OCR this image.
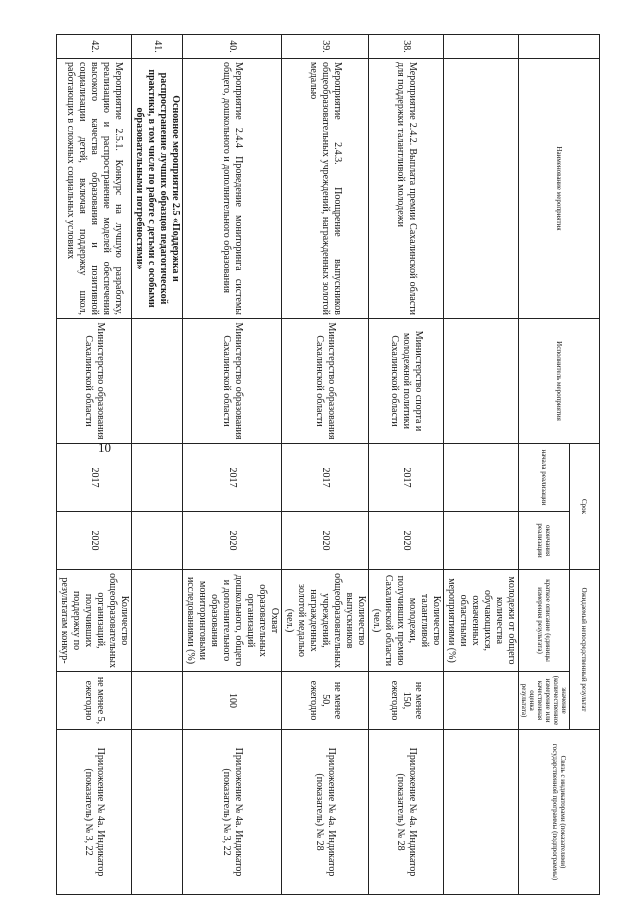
10
	Наименование мероприятия	Исполнитель мероприятия	Срок		Ожидаемый непосредственный результат		Связь с индикаторами (показателями) государственной программы (подпрограммы)
			начала реализации	окончания реализации	краткое описание (единицы измерения результата)	значение (количественное измерение или качественная оценка результата)	
					молодежи от общего количества обучающихся, охваченных областными мероприятиями (%)		
38.	Мероприятие 2.4.2. Выплата премии Сахалинской области для поддержки талантливой молодежи	Министерство спорта и молодежной политики Сахалинской области	2017	2020	Количество талантливой молодежи, получивших премию Сахалинской области (чел.)	не менее 150, ежегодно	Приложение № 4а. Индикатор (показатель) № 28
39.	Мероприятие 2.4.3. Поощрение выпускников общеобразовательных учреждений, награжденных золотой медалью	Министерство образования Сахалинской области	2017	2020	Количество выпускников общеобразовательных учреждений, награжденных золотой медалью (чел.)	не менее 50, ежегодно	Приложение № 4а. Индикатор (показатель) № 28
40.	Мероприятие 2.4.4 Проведение мониторинга системы общего, дошкольного и дополнительного образования	Министерство образования Сахалинской области	2017	2020	Охват образовательных организаций дошкольного, общего и дополнительного образования мониторинговыми исследованиями (%)	100	Приложение № 4а. Индикатор (показатель) № 3, 22
41.	Основное мероприятие 2.5 «Поддержка и распространение лучших образцов педагогической практики, в том числе по работе с детьми с особыми образовательными потребностями»						
42.	Мероприятие 2.5.1. Конкурс на лучшую разработку, реализацию и распространение моделей обеспечения высокого качества образования и позитивной социализации детей, включая поддержку школ, работающих в сложных социальных условиях	Министерство образования Сахалинской области	2017	2020	Количество общеобразовательных организаций, получивших поддержку по результатам конкур-	не менее 5, ежегодно	Приложение № 4а. Индикатор (показатель) № 3, 22
